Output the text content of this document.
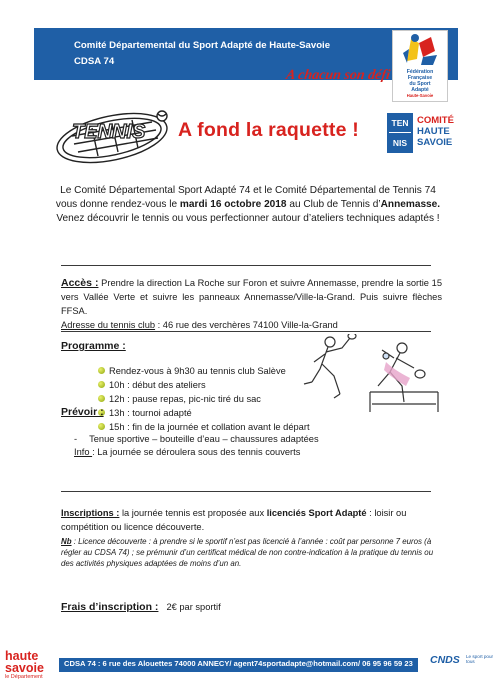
Comité Départemental du Sport Adapté de Haute-Savoie
CDSA 74
A chacun son défi	Fédération
Française
du Sport
Adapté
Haute-Savoie
TENNIS A fond la raquette !	TEN
NIS
COMITÉ
HAUTE
SAVOIE
Le Comité Départemental Sport Adapté 74 et le Comité Départemental de Tennis 74 vous donne rendez-vous le mardi 16 octobre 2018 au Club de Tennis d’Annemasse. Venez découvrir le tennis ou vous perfectionner autour d’ateliers techniques adaptés !
Accès : Prendre la direction La Roche sur Foron et suivre Annemasse, prendre la sortie 15 vers Vallée Verte et suivre les panneaux Annemasse/Ville-la-Grand. Puis suivre flèches FFSA.
Adresse du tennis club : 46 rue des verchères 74100 Ville-la-Grand
Programme :
Rendez-vous à 9h30 au tennis club Salève
10h : début des ateliers
12h : pause repas, pic-nic tiré du sac
13h : tournoi adapté
15h : fin de la journée et collation avant le départ
Prévoir :
- Tenue sportive – bouteille d’eau – chaussures adaptées
Info : La journée se déroulera sous des tennis couverts
Inscriptions : la journée tennis est proposée aux licenciés Sport Adapté : loisir ou compétition ou licence découverte.
Nb : Licence découverte : à prendre si le sportif n’est pas licencié à l’année : coût par personne 7 euros (à régler au CDSA 74) ; se prémunir d’un certificat médical de non contre-indication à la pratique du tennis ou des activités physiques adaptées de moins d’un an.
Frais d’inscription : 2€ par sportif
haute
savoie
le Département
CDSA 74 : 6 rue des Alouettes 74000 ANNECY/ agent74sportadapte@hotmail.com/ 06 95 96 59 23 CNDS Le sport pour tous
